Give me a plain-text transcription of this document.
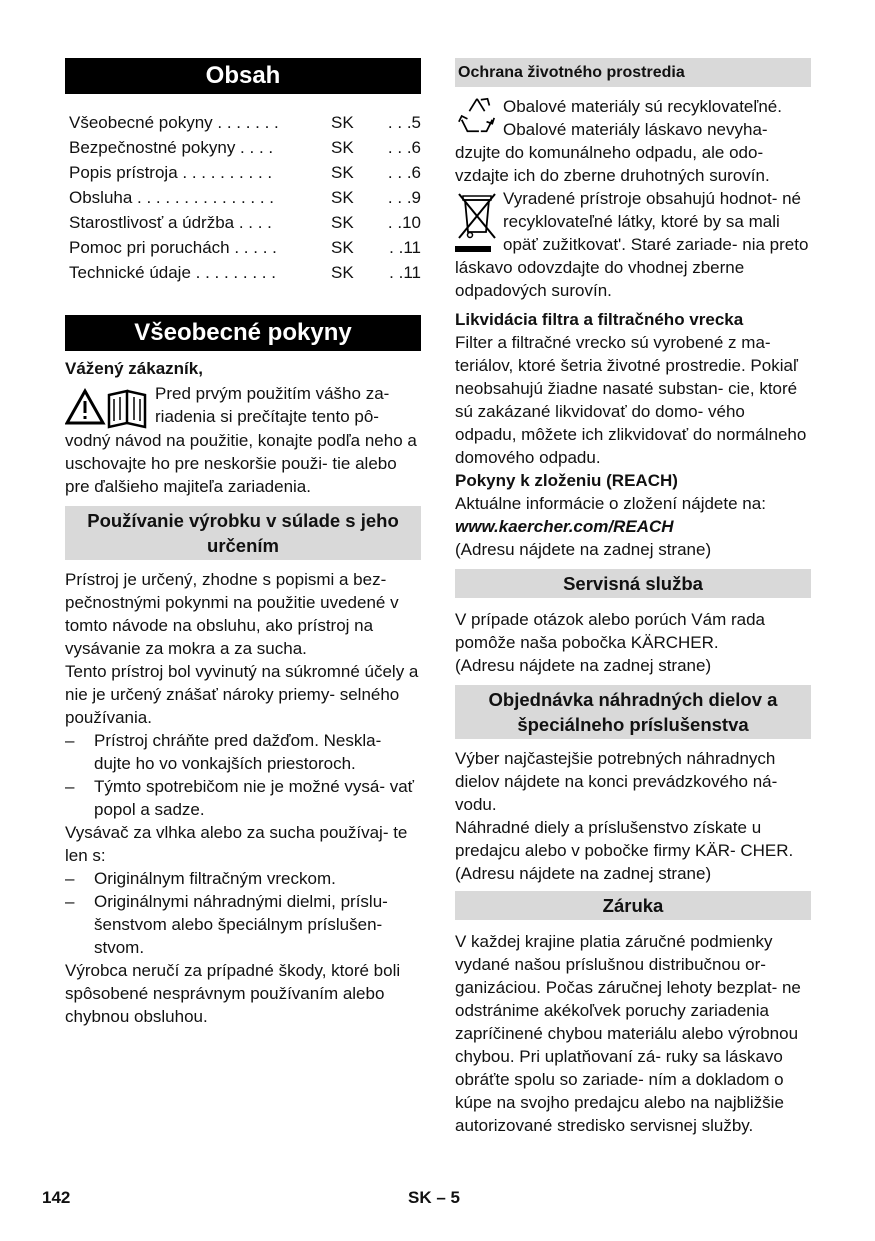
Obsah
Všeobecné pokyny . . . . . . .	SK	. . .5
Bezpečnostné pokyny . . . .	SK	. . .6
Popis prístroja . . . . . . . . . .	SK	. . .6
Obsluha . . . . . . . . . . . . . . .	SK	. . .9
Starostlivosť a údržba . . . .	SK	. .10
Pomoc pri poruchách . . . . .	SK	. .11
Technické údaje . . . . . . . . .	SK	. .11
Všeobecné pokyny

Vážený zákazník,

Pred prvým použitím vášho za- riadenia si prečítajte tento pô-

vodný návod na použitie, konajte podľa neho a uschovajte ho pre neskoršie použi- tie alebo pre ďalšieho majiteľa zariadenia.

Používanie výrobku v súlade s jeho určením

Prístroj je určený, zhodne s popismi a bez- pečnostnými pokynmi na použitie uvedené v tomto návode na obsluhu, ako prístroj na vysávanie za mokra a za sucha.

Tento prístroj bol vyvinutý na súkromné účely a nie je určený znášať nároky priemy- selného používania.

– Prístroj chráňte pred dažďom. Neskla- dujte ho vo vonkajších priestoroch.
– Týmto spotrebičom nie je možné vysá- vať popol a sadze.

Vysávač za vlhka alebo za sucha používaj- te len s:

– Originálnym filtračným vreckom.
– Originálnymi náhradnými dielmi, príslu- šenstvom alebo špeciálnym príslušen- stvom.

Výrobca neručí za prípadné škody, ktoré boli spôsobené nesprávnym používaním alebo chybnou obsluhou.

Ochrana životného prostredia

Obalové materiály sú recyklovateľné. Obalové materiály láskavo nevyha- dzujte do komunálneho odpadu, ale odo- vzdajte ich do zberne druhotných surovín.

Vyradené prístroje obsahujú hodnot- né recyklovateľné látky, ktoré by sa mali opäť zužitkovat'. Staré zariade- nia preto láskavo odovzdajte do vhodnej zberne odpadových surovín.

Likvidácia filtra a filtračného vrecka

Filter a filtračné vrecko sú vyrobené z ma- teriálov, ktoré šetria životné prostredie. Pokiaľ neobsahujú žiadne nasaté substan- cie, ktoré sú zakázané likvidovať do domo- vého odpadu, môžete ich zlikvidovať do normálneho domového odpadu.

Pokyny k zloženiu (REACH)

Aktuálne informácie o zložení nájdete na:

www.kaercher.com/REACH

(Adresu nájdete na zadnej strane)

Servisná služba

V prípade otázok alebo porúch Vám rada pomôže naša pobočka KÄRCHER.

(Adresu nájdete na zadnej strane)

Objednávka náhradných dielov a špeciálneho príslušenstva

Výber najčastejšie potrebných náhradnych dielov nájdete na konci prevádzkového ná- vodu.

Náhradné diely a príslušenstvo získate u predajcu alebo v pobočke firmy KÄR- CHER.

(Adresu nájdete na zadnej strane)

Záruka

V každej krajine platia záručné podmienky vydané našou príslušnou distribučnou or- ganizáciou. Počas záručnej lehoty bezplat- ne odstránime akékoľvek poruchy zariadenia zapríčinené chybou materiálu alebo výrobnou chybou. Pri uplatňovaní zá- ruky sa láskavo obráťte spolu so zariade- ním a dokladom o kúpe na svojho predajcu alebo na najbližšie autorizované stredisko servisnej služby.

142	SK – 5
